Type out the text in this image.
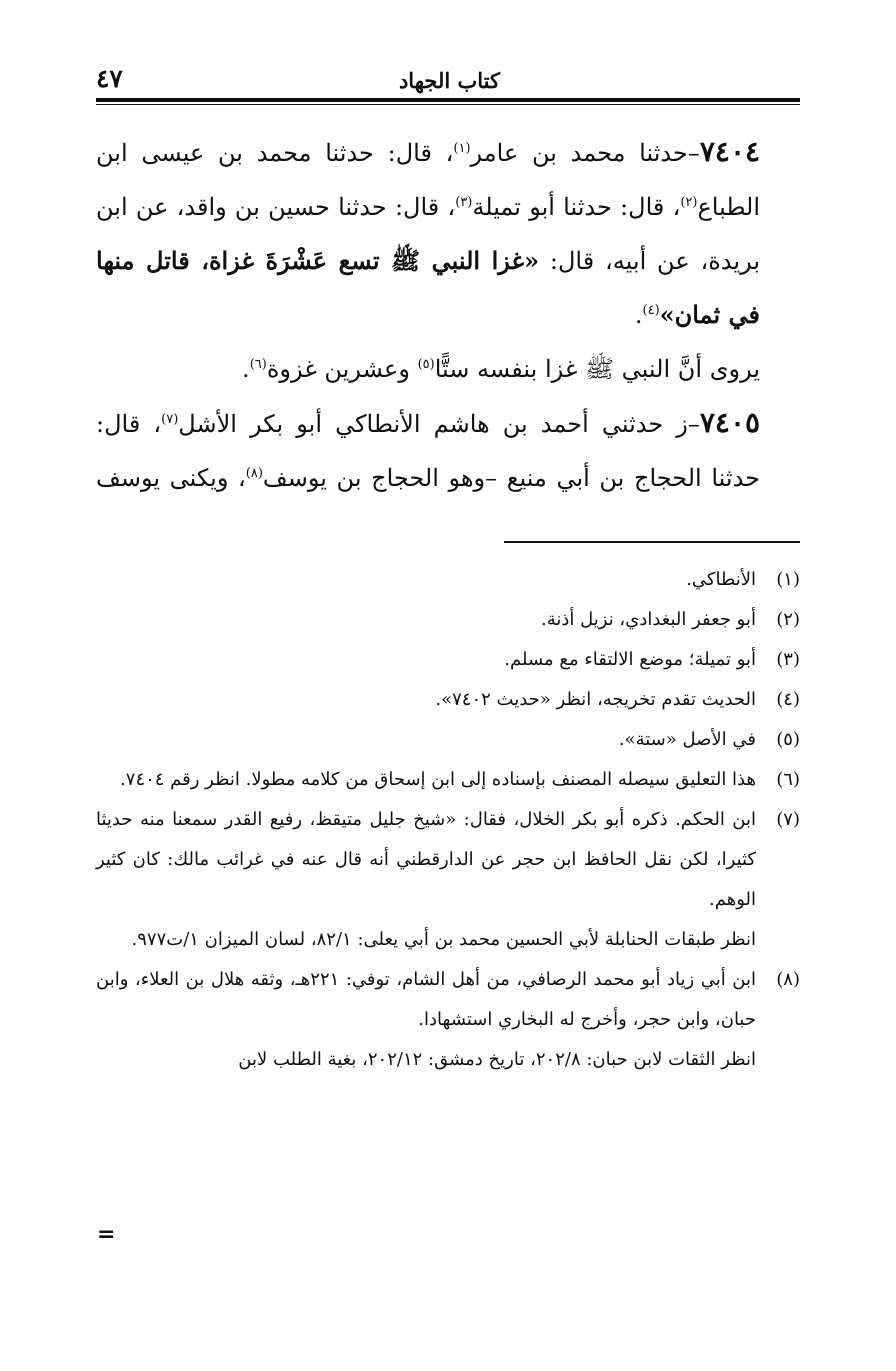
كتاب الجهاد
٤٧

٧٤٠٤–حدثنا محمد بن عامر$^{(١)}$، قال: حدثنا محمد بن عيسى ابن الطباع$^{(٢)}$، قال: حدثنا أبو تميلة$^{(٣)}$، قال: حدثنا حسين بن واقد، عن ابن بريدة، عن أبيه، قال: «غزا النبي ﷺ تسع عَشْرَةَ غزاة، قاتل منها في ثمان»$^{(٤)}$.

يروى أنَّ النبي ﷺ غزا بنفسه ستًّا$^{(٥)}$ وعشرين غزوة$^{(٦)}$.

٧٤٠٥–ز حدثني أحمد بن هاشم الأنطاكي أبو بكر الأشل$^{(٧)}$، قال: حدثنا الحجاج بن أبي منيع –وهو الحجاج بن يوسف$^{(٨)}$، ويكنى يوسف

(١)
الأنطاكي.
(٢)
أبو جعفر البغدادي، نزيل أذنة.
(٣)
أبو تميلة؛ موضع الالتقاء مع مسلم.
(٤)
الحديث تقدم تخريجه، انظر «حديث ٧٤٠٢».
(٥)
في الأصل «ستة».
(٦)
هذا التعليق سيصله المصنف بإسناده إلى ابن إسحاق من كلامه مطولا. انظر رقم ٧٤٠٤.
(٧)
ابن الحكم. ذكره أبو بكر الخلال، فقال: «شيخ جليل متيقظ، رفيع القدر سمعنا منه حديثا كثيرا، لكن نقل الحافظ ابن حجر عن الدارقطني أنه قال عنه في غرائب مالك: كان كثير الوهم.
انظر طبقات الحنابلة لأبي الحسين محمد بن أبي يعلى: ٨٢/١، لسان الميزان ١/ت٩٧٧.
(٨)
ابن أبي زياد أبو محمد الرصافي، من أهل الشام، توفي: ٢٢١هـ، وثقه هلال بن العلاء، وابن حبان، وابن حجر، وأخرج له البخاري استشهادا.
انظر الثقات لابن حبان: ٢٠٢/٨، تاريخ دمشق: ٢٠٢/١٢، بغية الطلب لابن
=
